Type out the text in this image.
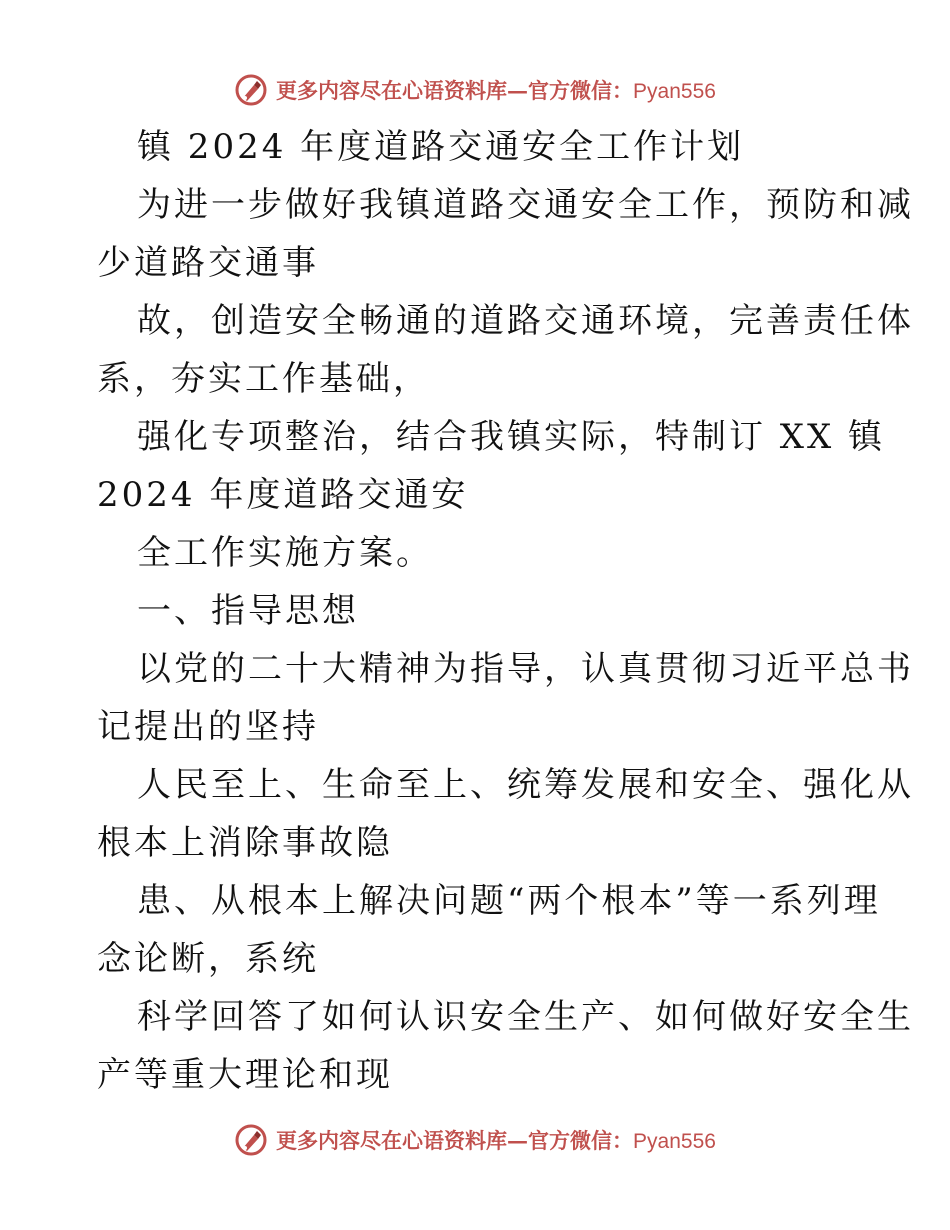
更多内容尽在心语资料库—官方微信：Pyan556
镇 2024 年度道路交通安全工作计划
为进一步做好我镇道路交通安全工作，预防和减
少道路交通事
故，创造安全畅通的道路交通环境，完善责任体
系，夯实工作基础，
强化专项整治，结合我镇实际，特制订 XX 镇
2024 年度道路交通安
全工作实施方案。
一、指导思想
以党的二十大精神为指导，认真贯彻习近平总书
记提出的坚持
人民至上、生命至上、统筹发展和安全、强化从
根本上消除事故隐
患、从根本上解决问题“两个根本”等一系列理
念论断，系统
科学回答了如何认识安全生产、如何做好安全生
产等重大理论和现
更多内容尽在心语资料库—官方微信：Pyan556
